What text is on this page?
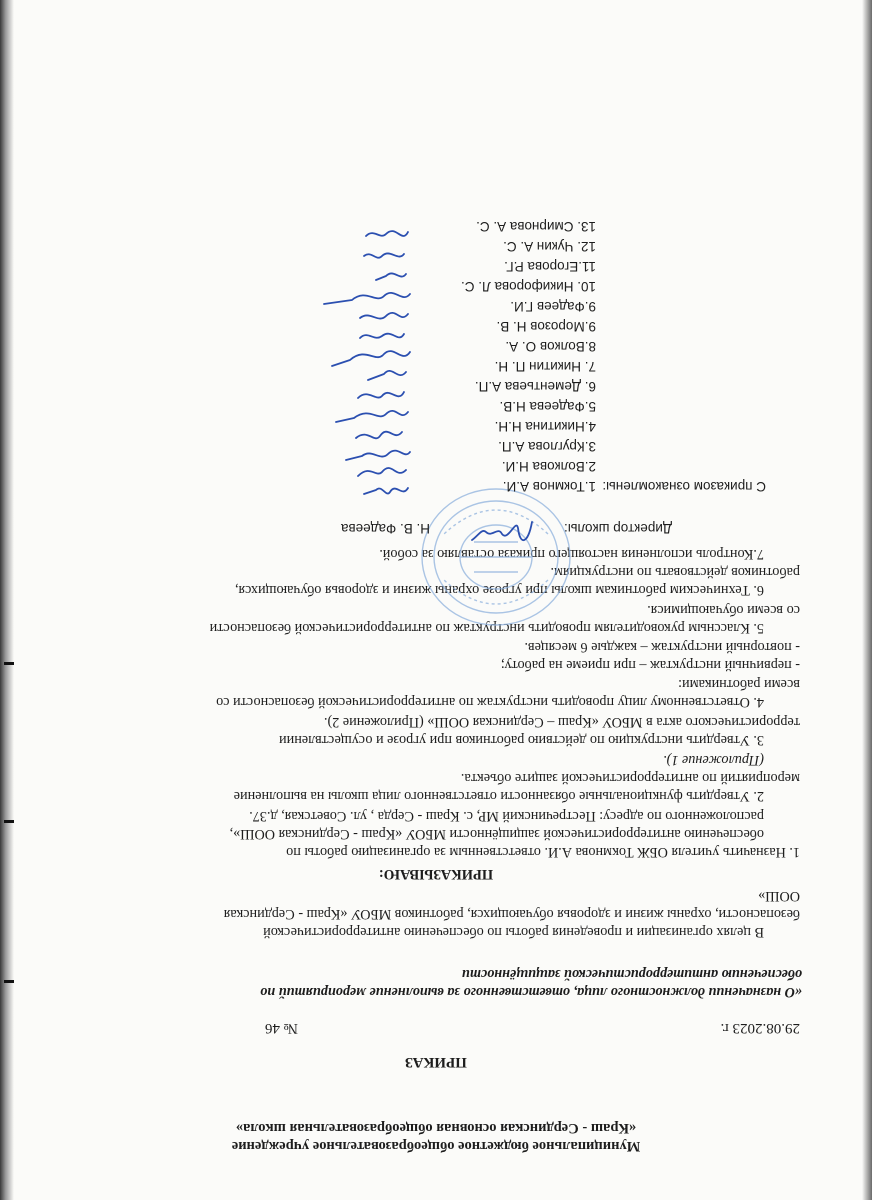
Муниципальное бюджетное общеобразовательное учреждение
«Краш - Сердинская основная общеобразовательная школа»
ПРИКАЗ
29.08.2023 г.
№ 46
«О назначении должностного лица, ответственного за выполнение мероприятий по
обеспечению антитеррористической защищённости
В целях организации и проведения работы по обеспечению антитеррористической
безопасности, охраны жизни и здоровья обучающихся, работников МБОУ «Краш - Сердинская
ООШ»
ПРИКАЗЫВАЮ:
1. Назначить учителя ОБЖ Токмнова А.И. ответственным за организацию работы по
обеспечению антитеррористической защищённости МБОУ «Краш - Сердинская ООШ»,
расположенного по адресу: Пестречинский МР, с. Краш - Серда , ул. Советская, д.37.
2. Утвердить функциональные обязанности ответственного лица школы на выполнение
мероприятий по антитеррористической защите объекта.
(Приложение 1).
3. Утвердить инструкцию по действию работников при угрозе и осуществлении
террористического акта в МБОУ «Краш – Сердинская ООШ» (Приложение 2).
4. Ответственному лицу проводить инструктаж по антитеррористической безопасности со
всеми работниками:
- первичный инструктаж – при приеме на работу;
- повторный инструктаж – каждые 6 месяцев.
5. Классным руководителям проводить инструктаж по антитеррористической безопасности
со всеми обучающимися.
6. Техническим работникам школы при угрозе охраны жизни и здоровья обучающихся,
работников действовать по инструкциям.
7.Контроль исполнения настоящего приказа оставляю за собой.
Директор школы:
Н. В. Фадеева
С приказом ознакомлены:
1.Токмнов А.И.
2.Волкова Н.И.
3.Круглова А.П.
4.Никитина Н.Н.
5.Фадеева Н.В.
6. Дементьева А.П.
7. Никитин П. Н.
8.Волков О. А.
9.Морозов Н. В.
9.Фадеев Г.И.
10. Никифорова Л. С.
11.Егорова Р.Г.
12. Чукин А. С.
13. Смирнова А. С.
